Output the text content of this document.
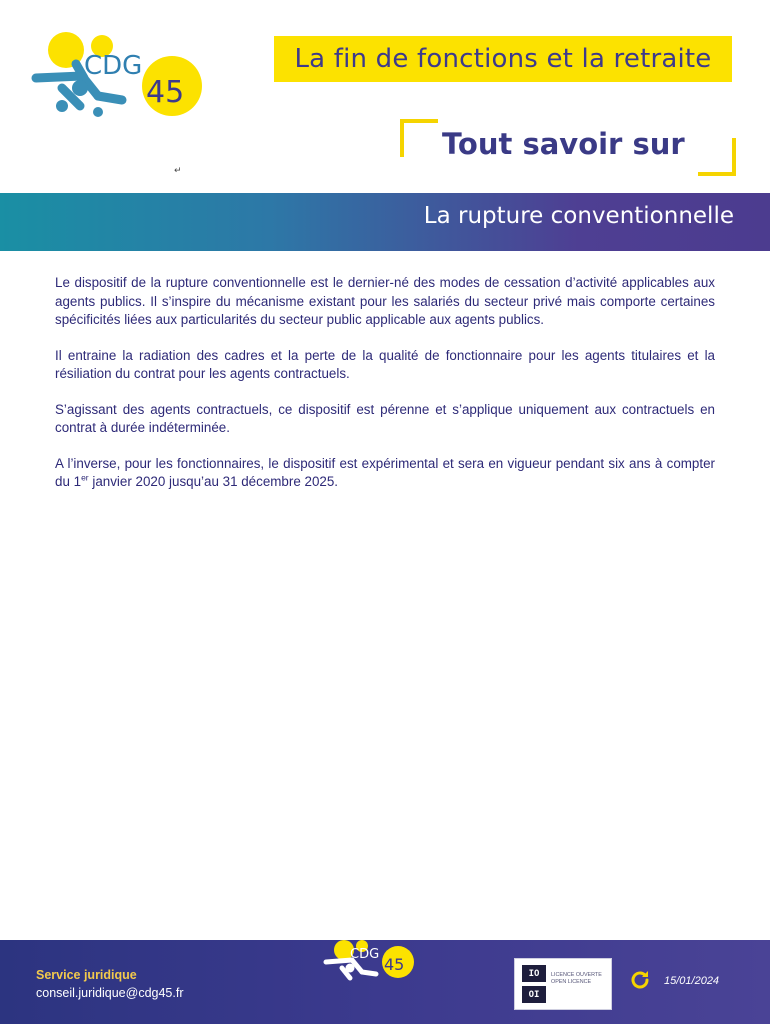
CDG
45
La fin de fonctions et la retraite
Tout savoir sur
↵
La rupture conventionnelle

Le dispositif de la rupture conventionnelle est le dernier-né des modes de cessation d’activité applicables aux agents publics. Il s’inspire du mécanisme existant pour les salariés du secteur privé mais comporte certaines spécificités liées aux particularités du secteur public applicable aux agents publics.

Il entraine la radiation des cadres et la perte de la qualité de fonctionnaire pour les agents titulaires et la résiliation du contrat pour les agents contractuels.

S’agissant des agents contractuels, ce dispositif est pérenne et s’applique uniquement aux contractuels en contrat à durée indéterminée.

A l’inverse, pour les fonctionnaires, le dispositif est expérimental et sera en vigueur pendant six ans à compter du 1er janvier 2020 jusqu’au 31 décembre 2025.

Service juridique
conseil.juridique@cdg45.fr
CDG
45	IO
OI
LICENCE OUVERTE OPEN LICENCE	15/01/2024
